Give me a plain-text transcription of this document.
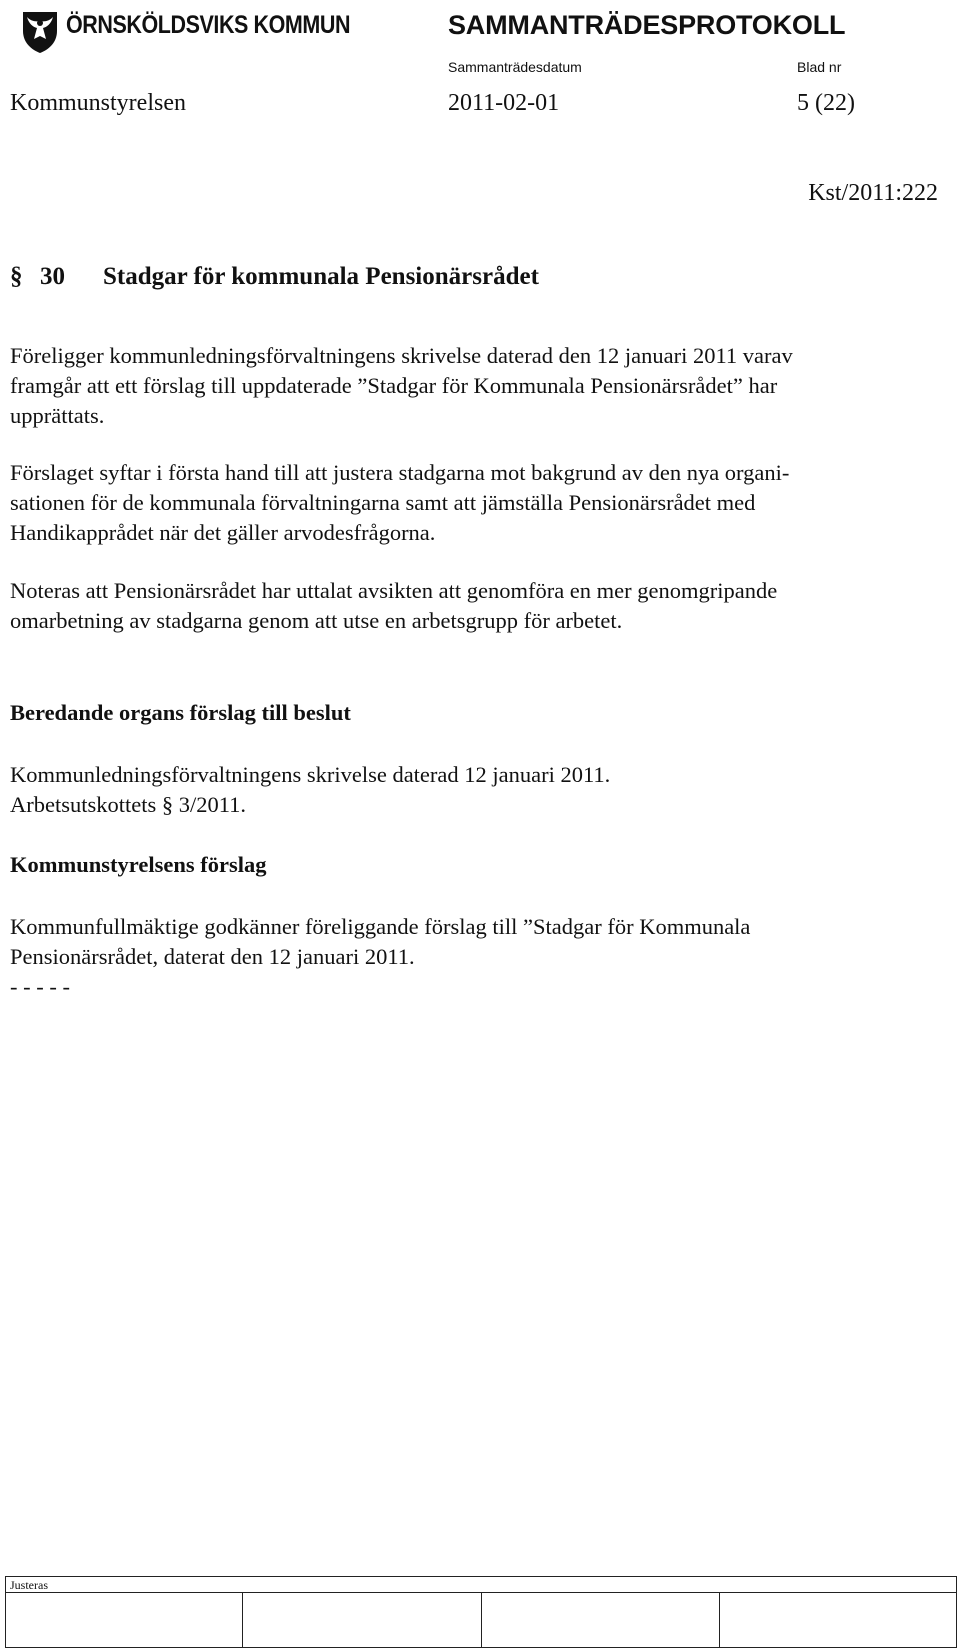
ÖRNSKÖLDSVIKS KOMMUN	SAMMANTRÄDESPROTOKOLL
Sammanträdesdatum	Blad nr
Kommunstyrelsen	2011-02-01	5 (22)
Kst/2011:222
§ 30 Stadgar för kommunala Pensionärsrådet
Föreligger kommunledningsförvaltningens skrivelse daterad den 12 januari 2011 varav
framgår att ett förslag till uppdaterade ”Stadgar för Kommunala Pensionärsrådet” har
upprättats.
Förslaget syftar i första hand till att justera stadgarna mot bakgrund av den nya organi-
sationen för de kommunala förvaltningarna samt att jämställa Pensionärsrådet med
Handikapprådet när det gäller arvodesfrågorna.
Noteras att Pensionärsrådet har uttalat avsikten att genomföra en mer genomgripande
omarbetning av stadgarna genom att utse en arbetsgrupp för arbetet.
Beredande organs förslag till beslut
Kommunledningsförvaltningens skrivelse daterad 12 januari 2011.
Arbetsutskottets § 3/2011.
Kommunstyrelsens förslag
Kommunfullmäktige godkänner föreliggande förslag till ”Stadgar för Kommunala
Pensionärsrådet, daterat den 12 januari 2011.
- - - - -
Justeras
